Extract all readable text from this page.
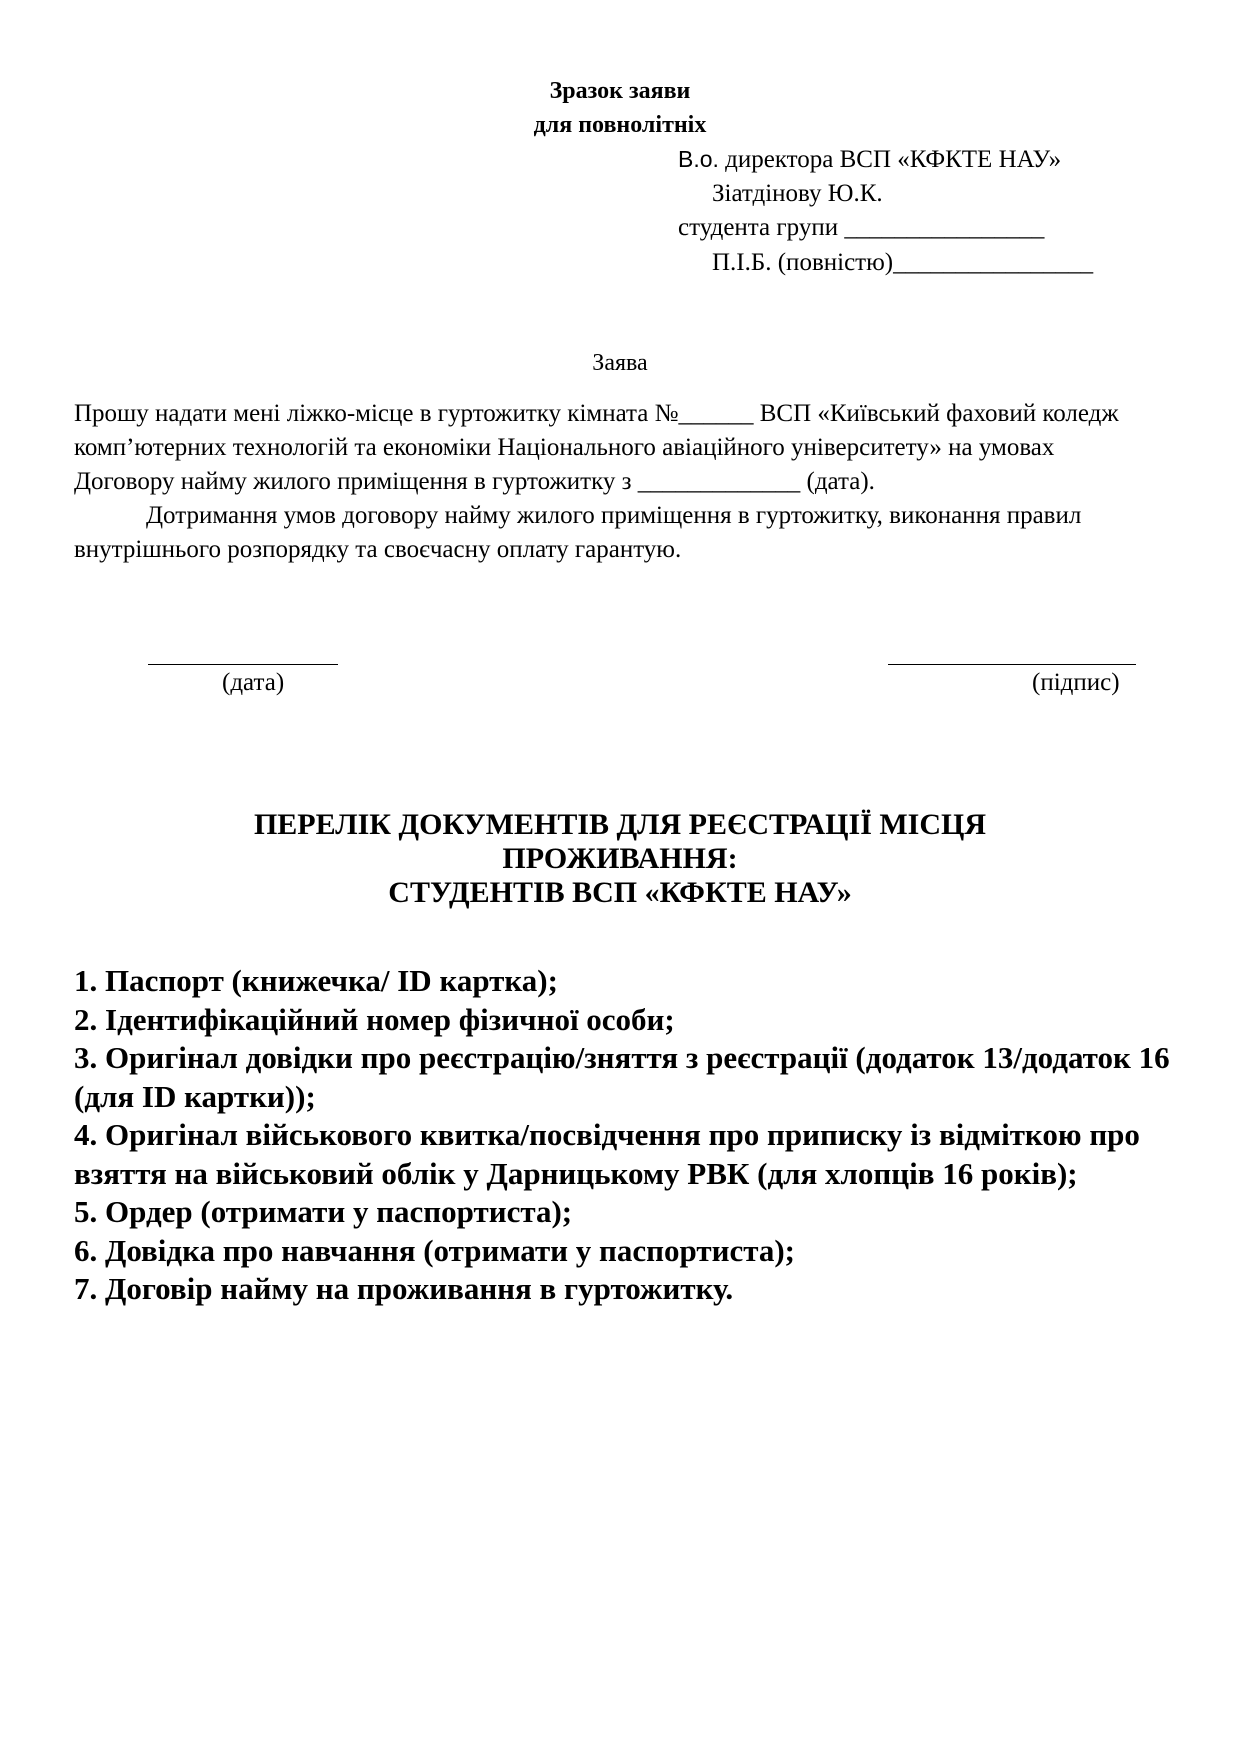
Зразок заяви
для повнолітніх
В.о. директора ВСП «КФКТЕ НАУ»
Зіатдінову Ю.К.
студента групи ________________
П.І.Б. (повністю)________________
Заява

Прошу надати мені ліжко-місце в гуртожитку кімната №______ ВСП «Київський фаховий коледж комп’ютерних технологій та економіки Національного авіаційного університету» на умовах Договору найму жилого приміщення в гуртожитку з _____________ (дата).

Дотримання умов договору найму жилого приміщення в гуртожитку, виконання правил внутрішнього розпорядку та своєчасну оплату гарантую.

(дата)	(підпис)
ПЕРЕЛІК ДОКУМЕНТІВ ДЛЯ РЕЄСТРАЦІЇ МІСЦЯ
ПРОЖИВАННЯ:
СТУДЕНТІВ ВСП «КФКТЕ НАУ»
1. Паспорт (книжечка/ ID картка);
2. Ідентифікаційний номер фізичної особи;
3. Оригінал довідки про реєстрацію/зняття з реєстрації (додаток 13/додаток 16 (для ID картки));
4. Оригінал військового квитка/посвідчення про приписку із відміткою про взяття на військовий облік у Дарницькому РВК (для хлопців 16 років);
5. Ордер (отримати у паспортиста);
6. Довідка про навчання (отримати у паспортиста);
7. Договір найму на проживання в гуртожитку.
